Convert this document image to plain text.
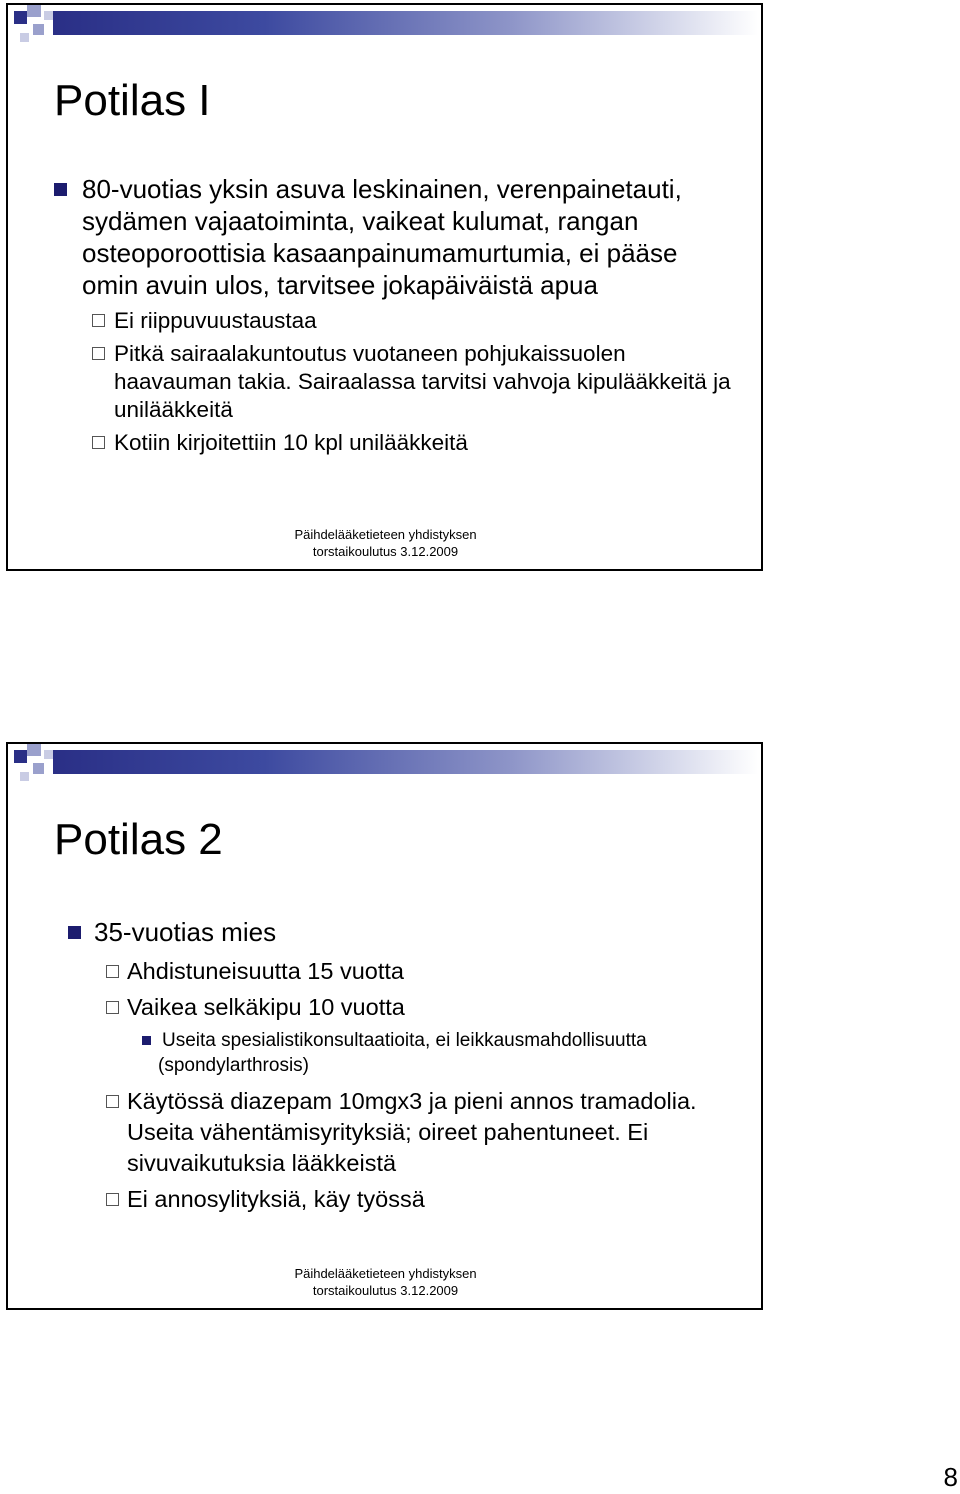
Potilas I
80-vuotias yksin asuva leskinainen, verenpainetauti, sydämen vajaatoiminta, vaikeat kulumat, rangan osteoporoottisia kasaanpainumamurtumia, ei pääse omin avuin ulos, tarvitsee jokapäiväistä apua
Ei riippuvuustaustaa
Pitkä sairaalakuntoutus vuotaneen pohjukaissuolen haavauman takia. Sairaalassa tarvitsi vahvoja kipulääkkeitä ja unilääkkeitä
Kotiin kirjoitettiin 10 kpl unilääkkeitä
Päihdelääketieteen yhdistyksen
torstaikoulutus 3.12.2009
Potilas 2
35-vuotias mies
Ahdistuneisuutta 15 vuotta
Vaikea selkäkipu 10 vuotta
Useita spesialistikonsultaatioita, ei leikkausmahdollisuutta
(spondylarthrosis)
Käytössä diazepam 10mgx3 ja pieni annos tramadolia. Useita vähentämisyrityksiä; oireet pahentuneet. Ei sivuvaikutuksia lääkkeistä
Ei annosylityksiä, käy työssä
Päihdelääketieteen yhdistyksen
torstaikoulutus 3.12.2009
8
